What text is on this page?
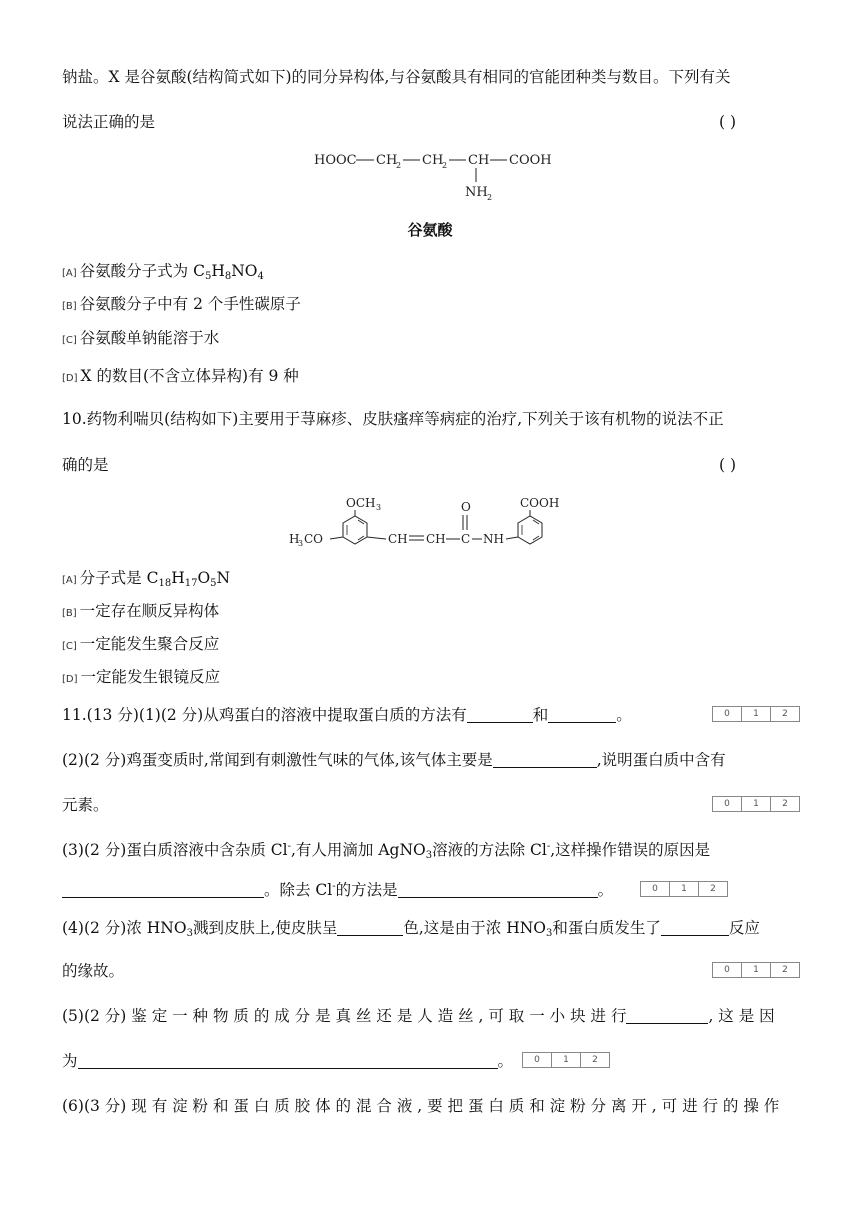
钠盐。X 是谷氨酸(结构简式如下)的同分异构体,与谷氨酸具有相同的官能团种类与数目。下列有关
说法正确的是	( )
HOOC CH
2 CH
2 CH COOH
NH 2
谷氨酸
[A] 谷氨酸分子式为 $C_5H_8NO_4$
[B] 谷氨酸分子中有 2 个手性碳原子
[C] 谷氨酸单钠能溶于水
[D] X 的数目(不含立体异构)有 9 种
10.药物利喘贝(结构如下)主要用于荨麻疹、皮肤瘙痒等病症的治疗,下列关于该有机物的说法不正
确的是	( )
OCH 3
H
3 CO	CH CH C
O
NH
COOH
[A] 分子式是 $C_{18}H_{17}O_5N$
[B] 一定存在顺反异构体
[C] 一定能发生聚合反应
[D] 一定能发生银镜反应
11.(13 分)(1)(2 分)从鸡蛋白的溶液中提取蛋白质的方法有	和	。	0	1	2
(2)(2 分)鸡蛋变质时,常闻到有刺激性气味的气体,该气体主要是	,说明蛋白质中含有
元素。	0	1	2
(3)(2 分)蛋白质溶液中含杂质 Cl-,有人用滴加 AgNO$_3$溶液的方法除 Cl-,这样操作错误的原因是
。除去 Cl-的方法是	。	0	1	2
(4)(2 分)浓 $HNO_3$溅到皮肤上,使皮肤呈	色,这是由于浓 $HNO_3$和蛋白质发生了	反应
的缘故。	0	1	2
(5)(2 分) 鉴 定 一 种 物 质 的 成 分 是 真 丝 还 是 人 造 丝 , 可 取 一 小 块 进 行	, 这 是 因
为	。	0	1	2
(6)(3 分) 现 有 淀 粉 和 蛋 白 质 胶 体 的 混 合 液 , 要 把 蛋 白 质 和 淀 粉 分 离 开 , 可 进 行 的 操 作
